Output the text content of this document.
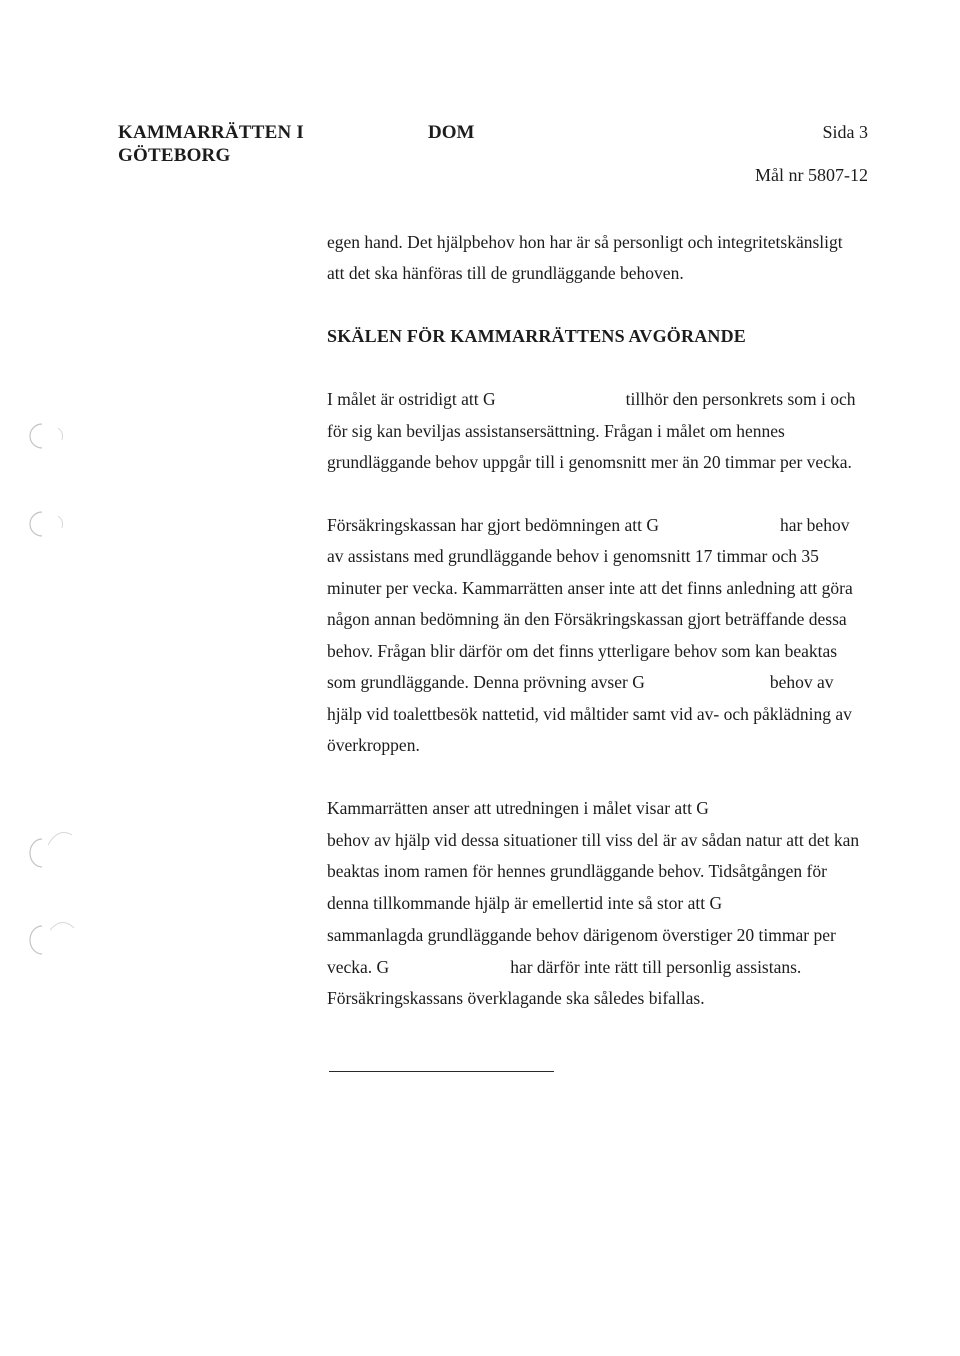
KAMMARRÄTTEN I
GÖTEBORG
DOM	Sida 3
Mål nr 5807-12
egen hand. Det hjälpbehov hon har är så personligt och integritetskänsligt
att det ska hänföras till de grundläggande behoven.
SKÄLEN FÖR KAMMARRÄTTENS AVGÖRANDE
I målet är ostridigt att G	tillhör den personkrets som i och
för sig kan beviljas assistansersättning. Frågan i målet om hennes
grundläggande behov uppgår till i genomsnitt mer än 20 timmar per vecka.
Försäkringskassan har gjort bedömningen att G	har behov
av assistans med grundläggande behov i genomsnitt 17 timmar och 35
minuter per vecka. Kammarrätten anser inte att det finns anledning att göra
någon annan bedömning än den Försäkringskassan gjort beträffande dessa
behov. Frågan blir därför om det finns ytterligare behov som kan beaktas
som grundläggande. Denna prövning avser G	behov av
hjälp vid toalettbesök nattetid, vid måltider samt vid av- och påklädning av
överkroppen.
Kammarrätten anser att utredningen i målet visar att G
behov av hjälp vid dessa situationer till viss del är av sådan natur att det kan
beaktas inom ramen för hennes grundläggande behov. Tidsåtgången för
denna tillkommande hjälp är emellertid inte så stor att G
sammanlagda grundläggande behov därigenom överstiger 20 timmar per
vecka. G	har därför inte rätt till personlig assistans.
Försäkringskassans överklagande ska således bifallas.
